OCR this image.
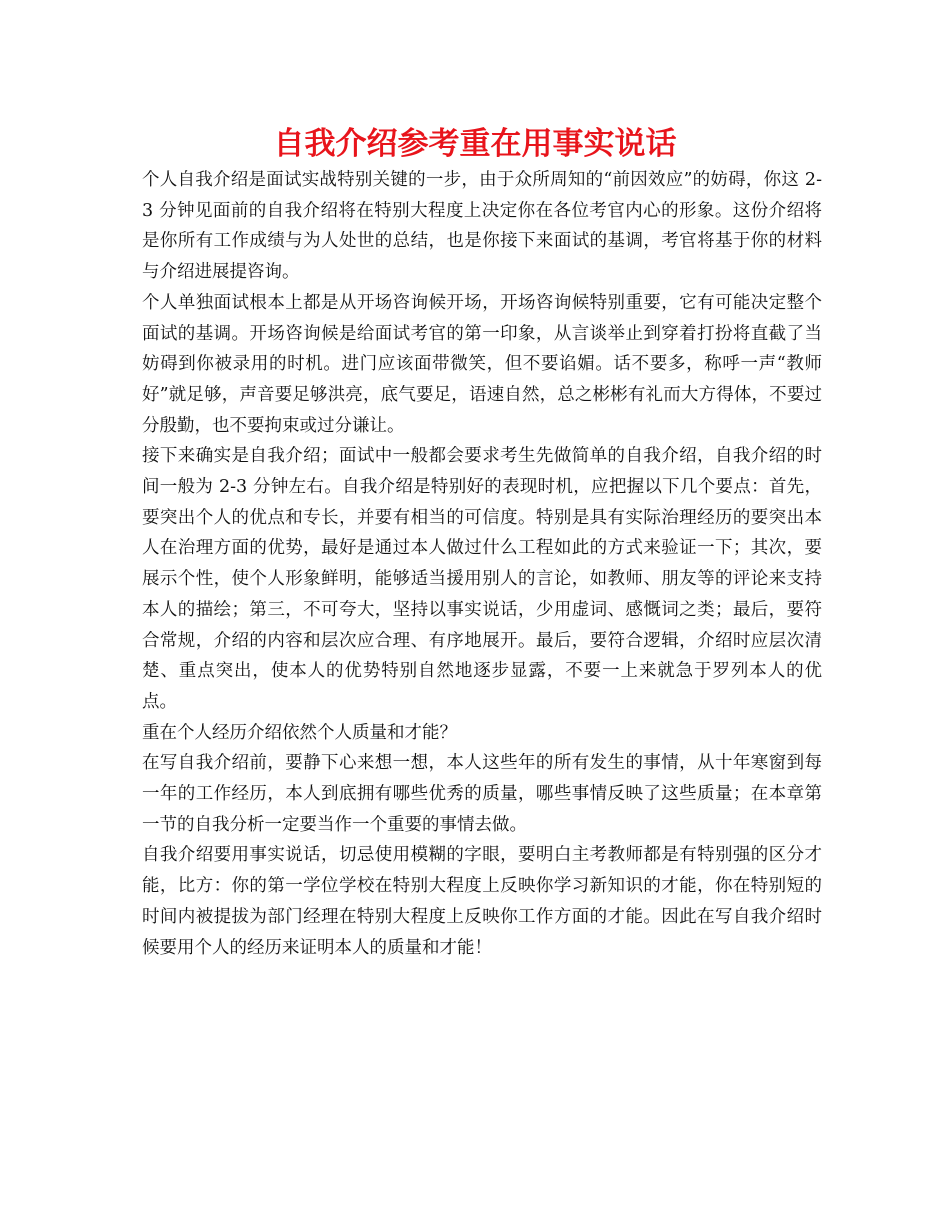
自我介绍参考重在用事实说话

个人自我介绍是面试实战特别关键的一步，由于众所周知的“前因效应”的妨碍，你这 2-3 分钟见面前的自我介绍将在特别大程度上决定你在各位考官内心的形象。这份介绍将是你所有工作成绩与为人处世的总结，也是你接下来面试的基调，考官将基于你的材料与介绍进展提咨询。

个人单独面试根本上都是从开场咨询候开场，开场咨询候特别重要，它有可能决定整个面试的基调。开场咨询候是给面试考官的第一印象，从言谈举止到穿着打扮将直截了当妨碍到你被录用的时机。进门应该面带微笑，但不要谄媚。话不要多，称呼一声“教师好”就足够，声音要足够洪亮，底气要足，语速自然，总之彬彬有礼而大方得体，不要过分殷勤，也不要拘束或过分谦让。

接下来确实是自我介绍；面试中一般都会要求考生先做简单的自我介绍，自我介绍的时间一般为 2-3 分钟左右。自我介绍是特别好的表现时机，应把握以下几个要点：首先，要突出个人的优点和专长，并要有相当的可信度。特别是具有实际治理经历的要突出本人在治理方面的优势，最好是通过本人做过什么工程如此的方式来验证一下；其次，要展示个性，使个人形象鲜明，能够适当援用别人的言论，如教师、朋友等的评论来支持本人的描绘；第三，不可夸大，坚持以事实说话，少用虚词、感慨词之类；最后，要符合常规，介绍的内容和层次应合理、有序地展开。最后，要符合逻辑，介绍时应层次清楚、重点突出，使本人的优势特别自然地逐步显露，不要一上来就急于罗列本人的优点。

重在个人经历介绍依然个人质量和才能？

在写自我介绍前，要静下心来想一想，本人这些年的所有发生的事情，从十年寒窗到每一年的工作经历，本人到底拥有哪些优秀的质量，哪些事情反映了这些质量；在本章第一节的自我分析一定要当作一个重要的事情去做。

自我介绍要用事实说话，切忌使用模糊的字眼，要明白主考教师都是有特别强的区分才能，比方：你的第一学位学校在特别大程度上反映你学习新知识的才能，你在特别短的时间内被提拔为部门经理在特别大程度上反映你工作方面的才能。因此在写自我介绍时候要用个人的经历来证明本人的质量和才能！
